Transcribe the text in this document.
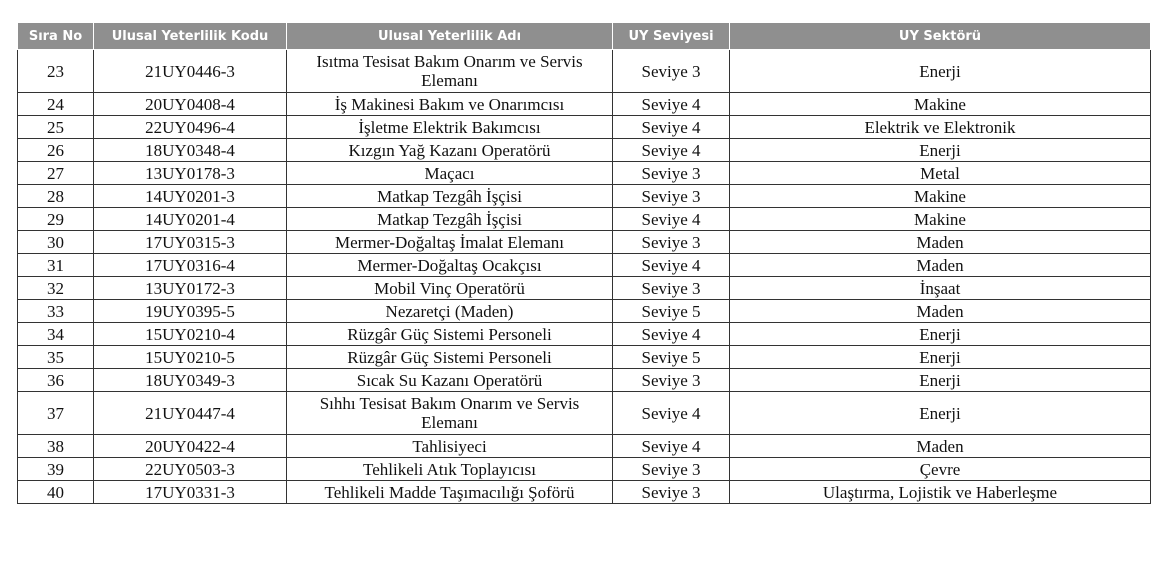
Sıra No	Ulusal Yeterlilik Kodu	Ulusal Yeterlilik Adı	UY Seviyesi	UY Sektörü
23	21UY0446-3	Isıtma Tesisat Bakım Onarım ve Servis Elemanı	Seviye 3	Enerji
24	20UY0408-4	İş Makinesi Bakım ve Onarımcısı	Seviye 4	Makine
25	22UY0496-4	İşletme Elektrik Bakımcısı	Seviye 4	Elektrik ve Elektronik
26	18UY0348-4	Kızgın Yağ Kazanı Operatörü	Seviye 4	Enerji
27	13UY0178-3	Maçacı	Seviye 3	Metal
28	14UY0201-3	Matkap Tezgâh İşçisi	Seviye 3	Makine
29	14UY0201-4	Matkap Tezgâh İşçisi	Seviye 4	Makine
30	17UY0315-3	Mermer-Doğaltaş İmalat Elemanı	Seviye 3	Maden
31	17UY0316-4	Mermer-Doğaltaş Ocakçısı	Seviye 4	Maden
32	13UY0172-3	Mobil Vinç Operatörü	Seviye 3	İnşaat
33	19UY0395-5	Nezaretçi (Maden)	Seviye 5	Maden
34	15UY0210-4	Rüzgâr Güç Sistemi Personeli	Seviye 4	Enerji
35	15UY0210-5	Rüzgâr Güç Sistemi Personeli	Seviye 5	Enerji
36	18UY0349-3	Sıcak Su Kazanı Operatörü	Seviye 3	Enerji
37	21UY0447-4	Sıhhı Tesisat Bakım Onarım ve Servis Elemanı	Seviye 4	Enerji
38	20UY0422-4	Tahlisiyeci	Seviye 4	Maden
39	22UY0503-3	Tehlikeli Atık Toplayıcısı	Seviye 3	Çevre
40	17UY0331-3	Tehlikeli Madde Taşımacılığı Şoförü	Seviye 3	Ulaştırma, Lojistik ve Haberleşme
